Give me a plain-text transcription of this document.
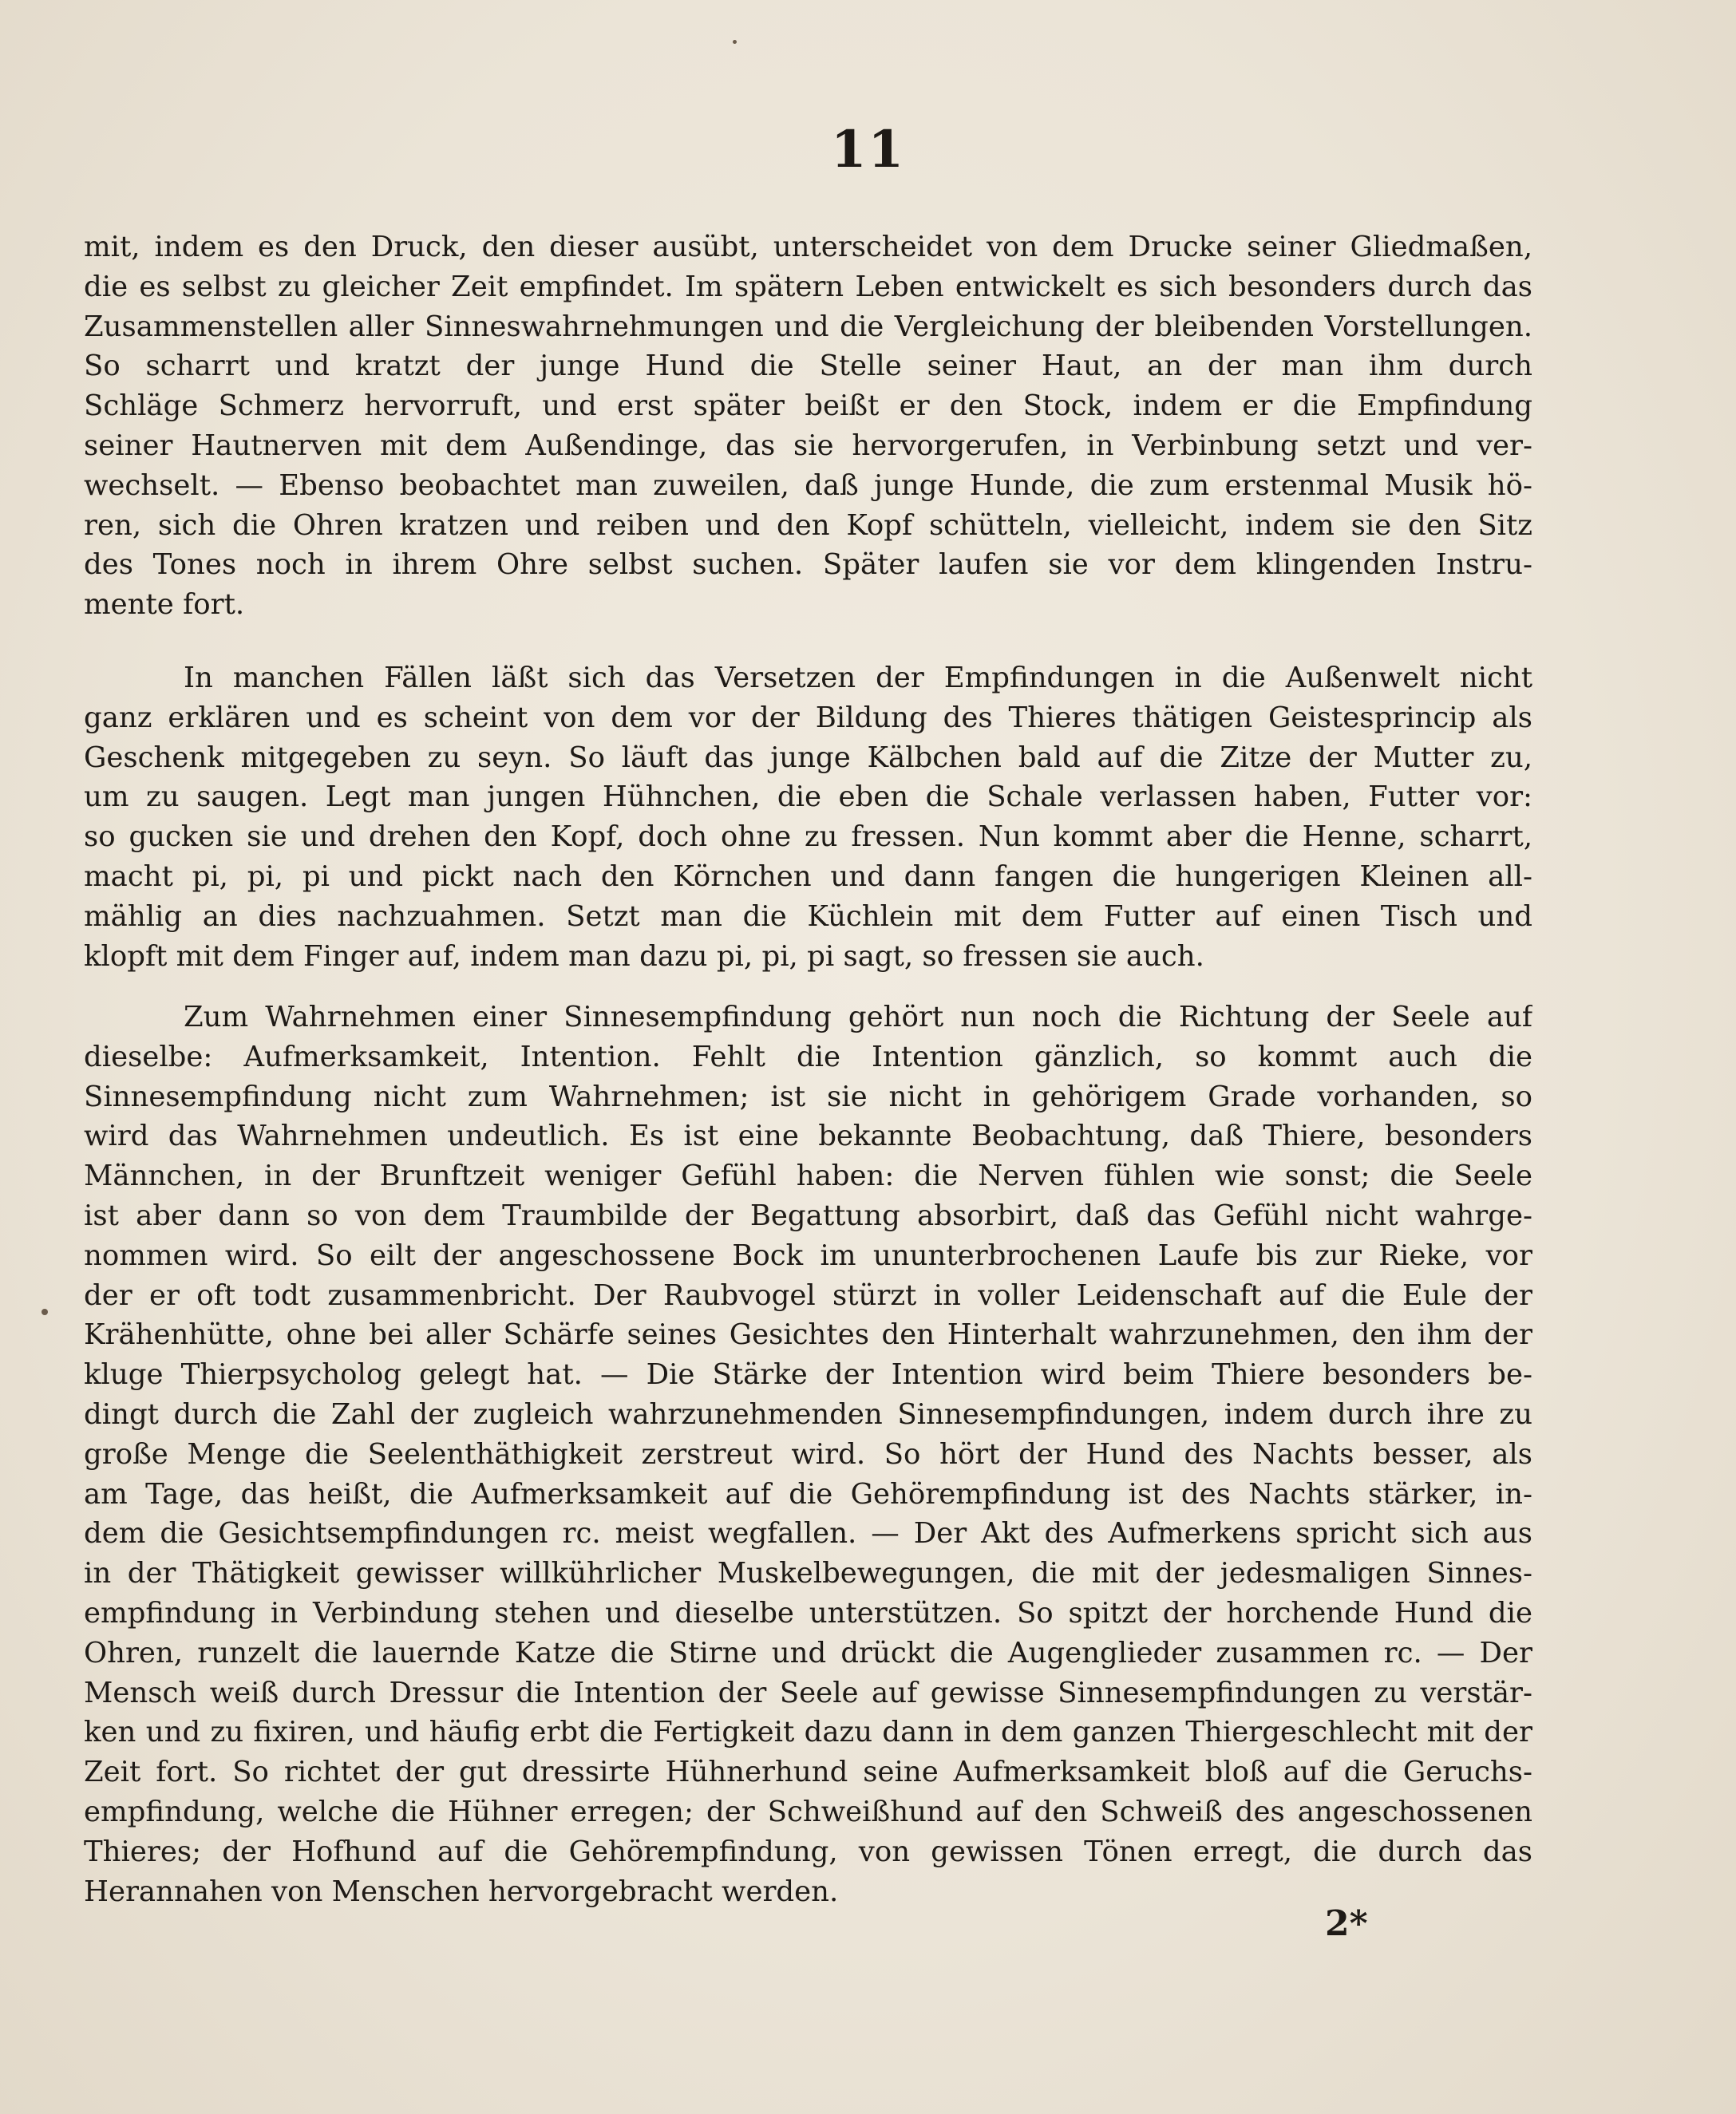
11
mit, indem es den Druck, den dieser ausübt, unterscheidet von dem Drucke seiner Gliedmaßen,
die es selbst zu gleicher Zeit empfindet. Im spätern Leben entwickelt es sich besonders durch das
Zusammenstellen aller Sinneswahrnehmungen und die Vergleichung der bleibenden Vorstellungen.
So scharrt und kratzt der junge Hund die Stelle seiner Haut, an der man ihm durch
Schläge Schmerz hervorruft, und erst später beißt er den Stock, indem er die Empfindung
seiner Hautnerven mit dem Außendinge, das sie hervorgerufen, in Verbinbung setzt und ver-
wechselt. — Ebenso beobachtet man zuweilen, daß junge Hunde, die zum erstenmal Musik hö-
ren, sich die Ohren kratzen und reiben und den Kopf schütteln, vielleicht, indem sie den Sitz
des Tones noch in ihrem Ohre selbst suchen. Später laufen sie vor dem klingenden Instru-
mente fort.
In manchen Fällen läßt sich das Versetzen der Empfindungen in die Außenwelt nicht
ganz erklären und es scheint von dem vor der Bildung des Thieres thätigen Geistesprincip als
Geschenk mitgegeben zu seyn. So läuft das junge Kälbchen bald auf die Zitze der Mutter zu,
um zu saugen. Legt man jungen Hühnchen, die eben die Schale verlassen haben, Futter vor:
so gucken sie und drehen den Kopf, doch ohne zu fressen. Nun kommt aber die Henne, scharrt,
macht pi, pi, pi und pickt nach den Körnchen und dann fangen die hungerigen Kleinen all-
mählig an dies nachzuahmen. Setzt man die Küchlein mit dem Futter auf einen Tisch und
klopft mit dem Finger auf, indem man dazu pi, pi, pi sagt, so fressen sie auch.
Zum Wahrnehmen einer Sinnesempfindung gehört nun noch die Richtung der Seele auf
dieselbe: Aufmerksamkeit, Intention. Fehlt die Intention gänzlich, so kommt auch die
Sinnesempfindung nicht zum Wahrnehmen; ist sie nicht in gehörigem Grade vorhanden, so
wird das Wahrnehmen undeutlich. Es ist eine bekannte Beobachtung, daß Thiere, besonders
Männchen, in der Brunftzeit weniger Gefühl haben: die Nerven fühlen wie sonst; die Seele
ist aber dann so von dem Traumbilde der Begattung absorbirt, daß das Gefühl nicht wahrge-
nommen wird. So eilt der angeschossene Bock im ununterbrochenen Laufe bis zur Rieke, vor
der er oft todt zusammenbricht. Der Raubvogel stürzt in voller Leidenschaft auf die Eule der
Krähenhütte, ohne bei aller Schärfe seines Gesichtes den Hinterhalt wahrzunehmen, den ihm der
kluge Thierpsycholog gelegt hat. — Die Stärke der Intention wird beim Thiere besonders be-
dingt durch die Zahl der zugleich wahrzunehmenden Sinnesempfindungen, indem durch ihre zu
große Menge die Seelenthäthigkeit zerstreut wird. So hört der Hund des Nachts besser, als
am Tage, das heißt, die Aufmerksamkeit auf die Gehörempfindung ist des Nachts stärker, in-
dem die Gesichtsempfindungen rc. meist wegfallen. — Der Akt des Aufmerkens spricht sich aus
in der Thätigkeit gewisser willkührlicher Muskelbewegungen, die mit der jedesmaligen Sinnes-
empfindung in Verbindung stehen und dieselbe unterstützen. So spitzt der horchende Hund die
Ohren, runzelt die lauernde Katze die Stirne und drückt die Augenglieder zusammen rc. — Der
Mensch weiß durch Dressur die Intention der Seele auf gewisse Sinnesempfindungen zu verstär-
ken und zu fixiren, und häufig erbt die Fertigkeit dazu dann in dem ganzen Thiergeschlecht mit der
Zeit fort. So richtet der gut dressirte Hühnerhund seine Aufmerksamkeit bloß auf die Geruchs-
empfindung, welche die Hühner erregen; der Schweißhund auf den Schweiß des angeschossenen
Thieres; der Hofhund auf die Gehörempfindung, von gewissen Tönen erregt, die durch das
Herannahen von Menschen hervorgebracht werden.
2*
